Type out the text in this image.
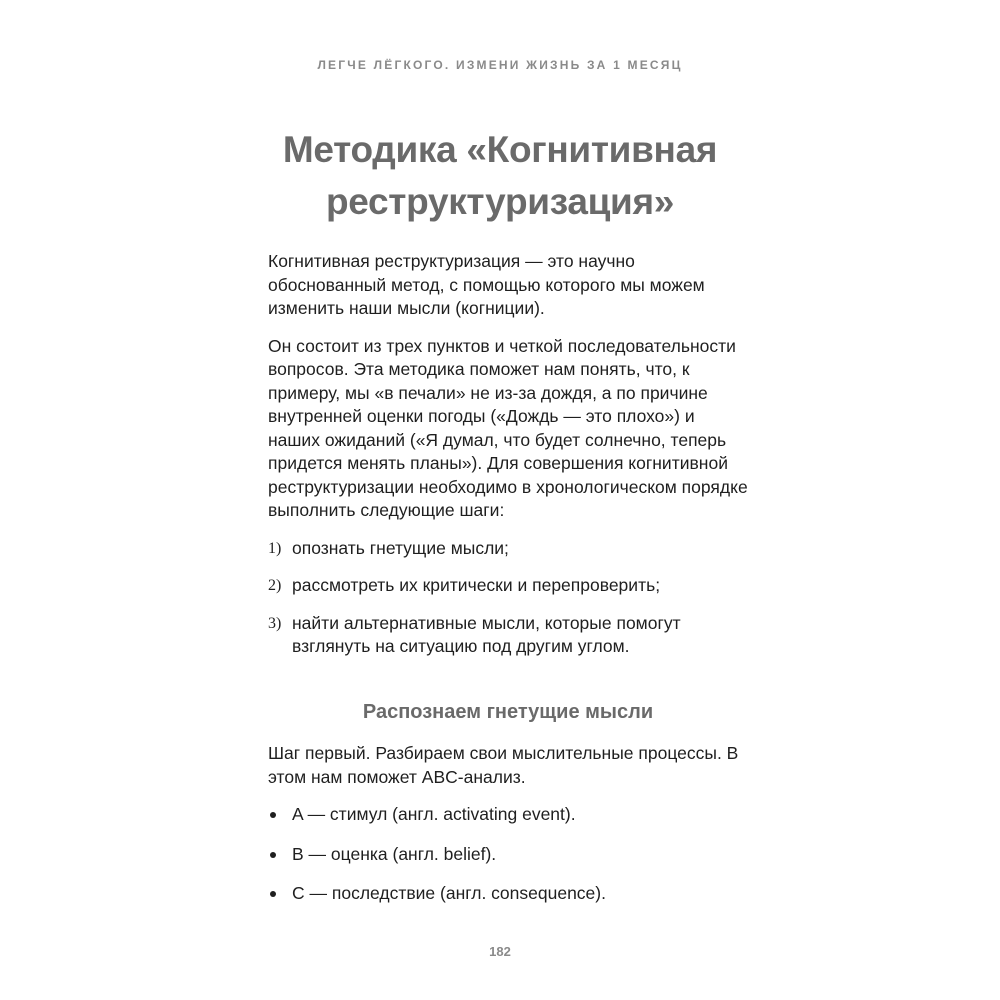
ЛЕГЧЕ ЛЁГКОГО. ИЗМЕНИ ЖИЗНЬ ЗА 1 МЕСЯЦ
Методика «Когнитивная
реструктуризация»

Когнитивная реструктуризация — это научно обоснованный метод, с помощью которого мы можем изменить наши мысли (когниции).

Он состоит из трех пунктов и четкой последовательности вопросов. Эта методика поможет нам понять, что, к примеру, мы «в печали» не из-за дождя, а по причине внутренней оценки погоды («Дождь — это плохо») и наших ожиданий («Я думал, что будет солнечно, теперь придется менять планы»). Для совершения когнитивной реструктуризации необходимо в хронологическом порядке выполнить следующие шаги:

1) опознать гнетущие мысли;
2) рассмотреть их критически и перепроверить;
3) найти альтернативные мысли, которые помогут взглянуть на ситуацию под другим углом.
Распознаем гнетущие мысли

Шаг первый. Разбираем свои мыслительные процессы. В этом нам поможет ABC-анализ.

A — стимул (англ. activating event).
B — оценка (англ. belief).
C — последствие (англ. consequence).
182
